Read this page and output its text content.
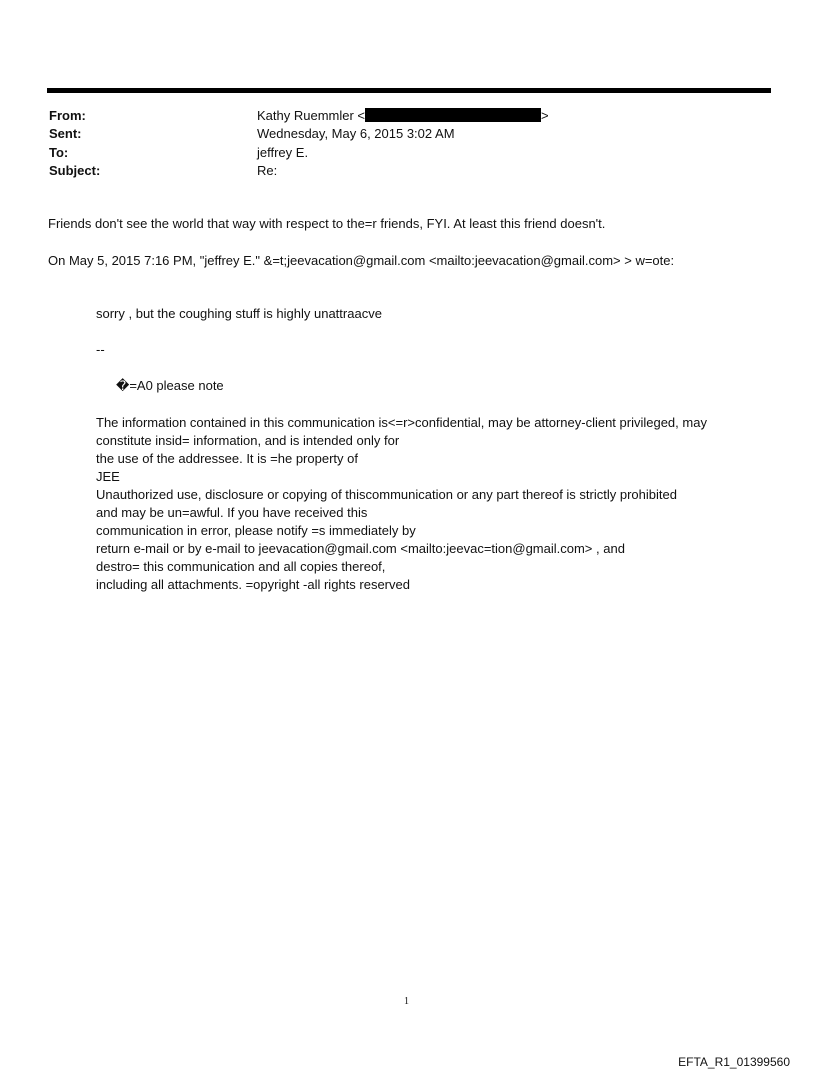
From:	Kathy Ruemmler <	>
Sent:	Wednesday, May 6, 2015 3:02 AM
To:	jeffrey E.
Subject:	Re:
Friends don't see the world that way with respect to the=r friends, FYI. At least this friend doesn't.
On May 5, 2015 7:16 PM, "jeffrey E." &=t;jeevacation@gmail.com <mailto:jeevacation@gmail.com> > w=ote:
sorry , but the coughing stuff is highly unattraacve
--
�=A0 please note
The information contained in this communication is<=r>confidential, may be attorney-client privileged, may
constitute insid= information, and is intended only for
the use of the addressee. It is =he property of
JEE
Unauthorized use, disclosure or copying of thiscommunication or any part thereof is strictly prohibited
and may be un=awful. If you have received this
communication in error, please notify =s immediately by
return e-mail or by e-mail to jeevacation@gmail.com <mailto:jeevac=tion@gmail.com> , and
destro= this communication and all copies thereof,
including all attachments. =opyright -all rights reserved
1
EFTA_R1_01399560
